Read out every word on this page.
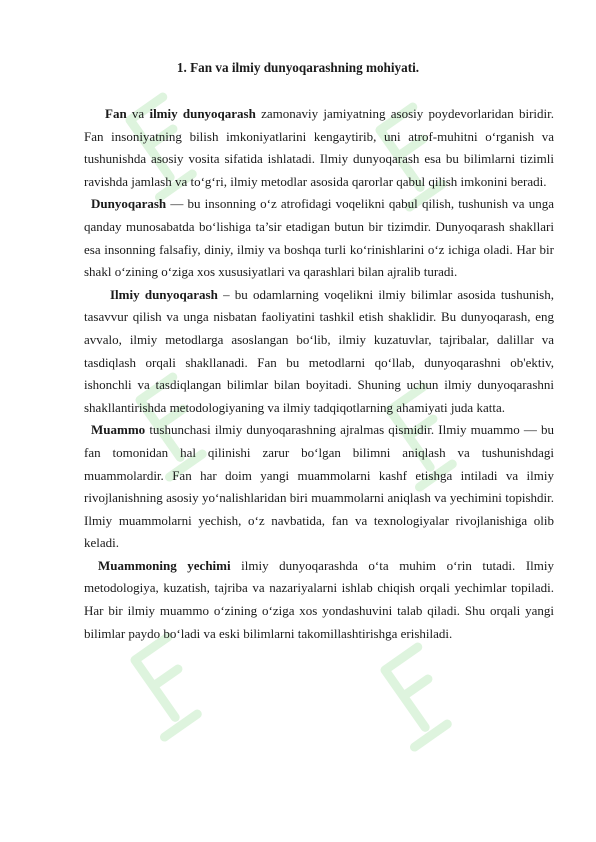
1. Fan va ilmiy dunyoqarashning mohiyati.

Fan va ilmiy dunyoqarash zamonaviy jamiyatning asosiy poydevorlaridan biridir. Fan insoniyatning bilish imkoniyatlarini kengaytirib, uni atrof-muhitni o‘rganish va tushunishda asosiy vosita sifatida ishlatadi. Ilmiy dunyoqarash esa bu bilimlarni tizimli ravishda jamlash va to‘g‘ri, ilmiy metodlar asosida qarorlar qabul qilish imkonini beradi.

Dunyoqarash — bu insonning o‘z atrofidagi voqelikni qabul qilish, tushunish va unga qanday munosabatda bo‘lishiga ta’sir etadigan butun bir tizimdir. Dunyoqarash shakllari esa insonning falsafiy, diniy, ilmiy va boshqa turli ko‘rinishlarini o‘z ichiga oladi. Har bir shakl o‘zining o‘ziga xos xususiyatlari va qarashlari bilan ajralib turadi.

Ilmiy dunyoqarash – bu odamlarning voqelikni ilmiy bilimlar asosida tushunish, tasavvur qilish va unga nisbatan faoliyatini tashkil etish shaklidir. Bu dunyoqarash, eng avvalo, ilmiy metodlarga asoslangan bo‘lib, ilmiy kuzatuvlar, tajribalar, dalillar va tasdiqlash orqali shakllanadi. Fan bu metodlarni qo‘llab, dunyoqarashni ob'ektiv, ishonchli va tasdiqlangan bilimlar bilan boyitadi. Shuning uchun ilmiy dunyoqarashni shakllantirishda metodologiyaning va ilmiy tadqiqotlarning ahamiyati juda katta.

Muammo tushunchasi ilmiy dunyoqarashning ajralmas qismidir. Ilmiy muammo — bu fan tomonidan hal qilinishi zarur bo‘lgan bilimni aniqlash va tushunishdagi muammolardir. Fan har doim yangi muammolarni kashf etishga intiladi va ilmiy rivojlanishning asosiy yo‘nalishlaridan biri muammolarni aniqlash va yechimini topishdir. Ilmiy muammolarni yechish, o‘z navbatida, fan va texnologiyalar rivojlanishiga olib keladi.

Muammoning yechimi ilmiy dunyoqarashda o‘ta muhim o‘rin tutadi. Ilmiy metodologiya, kuzatish, tajriba va nazariyalarni ishlab chiqish orqali yechimlar topiladi. Har bir ilmiy muammo o‘zining o‘ziga xos yondashuvini talab qiladi. Shu orqali yangi bilimlar paydo bo‘ladi va eski bilimlarni takomillashtirishga erishiladi.
